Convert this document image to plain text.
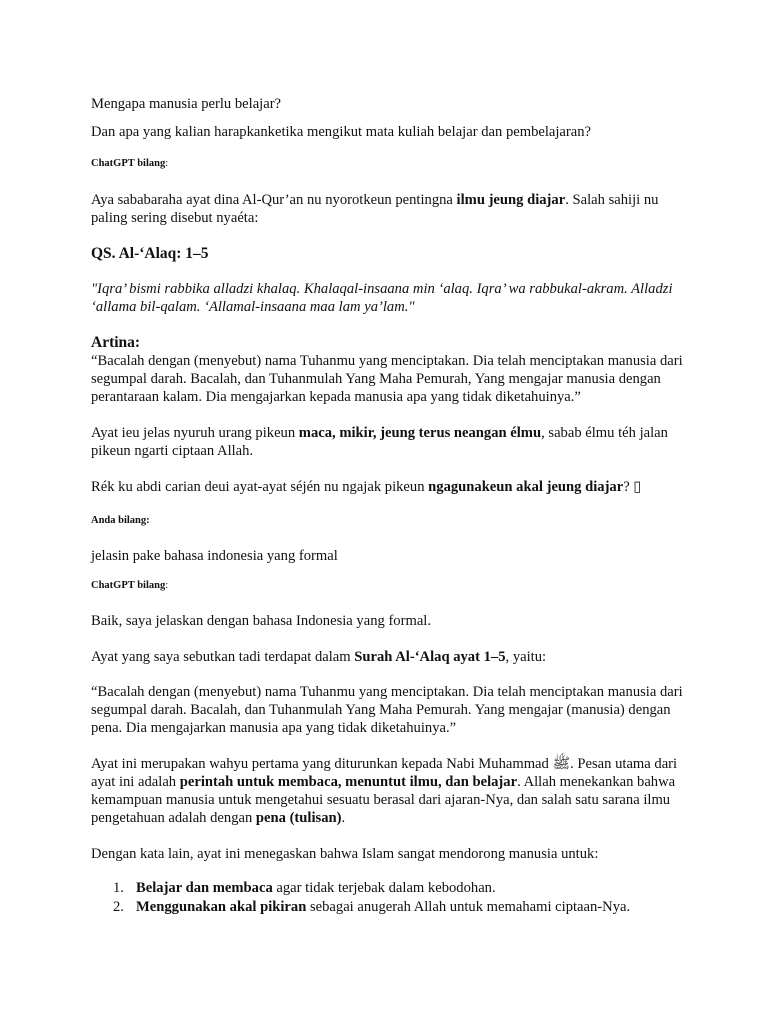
Mengapa manusia perlu belajar?

Dan apa yang kalian harapkanketika mengikut mata kuliah belajar dan pembelajaran?

ChatGPT bilang:

Aya sababaraha ayat dina Al-Qur’an nu nyorotkeun pentingna ilmu jeung diajar. Salah sahiji nu paling sering disebut nyaéta:

QS. Al-‘Alaq: 1–5

"Iqra’ bismi rabbika alladzi khalaq. Khalaqal-insaana min ‘alaq. Iqra’ wa rabbukal-akram. Alladzi ‘allama bil-qalam. ‘Allamal-insaana maa lam ya’lam."

Artina:

“Bacalah dengan (menyebut) nama Tuhanmu yang menciptakan. Dia telah menciptakan manusia dari segumpal darah. Bacalah, dan Tuhanmulah Yang Maha Pemurah, Yang mengajar manusia dengan perantaraan kalam. Dia mengajarkan kepada manusia apa yang tidak diketahuinya.”

Ayat ieu jelas nyuruh urang pikeun maca, mikir, jeung terus neangan élmu, sabab élmu téh jalan pikeun ngarti ciptaan Allah.

Rék ku abdi carian deui ayat-ayat séjén nu ngajak pikeun ngagunakeun akal jeung diajar? ▯

Anda bilang:

jelasin pake bahasa indonesia yang formal

ChatGPT bilang:

Baik, saya jelaskan dengan bahasa Indonesia yang formal.

Ayat yang saya sebutkan tadi terdapat dalam Surah Al-‘Alaq ayat 1–5, yaitu:

“Bacalah dengan (menyebut) nama Tuhanmu yang menciptakan. Dia telah menciptakan manusia dari segumpal darah. Bacalah, dan Tuhanmulah Yang Maha Pemurah. Yang mengajar (manusia) dengan pena. Dia mengajarkan manusia apa yang tidak diketahuinya.”

Ayat ini merupakan wahyu pertama yang diturunkan kepada Nabi Muhammad ﷺ. Pesan utama dari ayat ini adalah perintah untuk membaca, menuntut ilmu, dan belajar. Allah menekankan bahwa kemampuan manusia untuk mengetahui sesuatu berasal dari ajaran-Nya, dan salah satu sarana ilmu pengetahuan adalah dengan pena (tulisan).

Dengan kata lain, ayat ini menegaskan bahwa Islam sangat mendorong manusia untuk:

1. Belajar dan membaca agar tidak terjebak dalam kebodohan.
2. Menggunakan akal pikiran sebagai anugerah Allah untuk memahami ciptaan-Nya.
